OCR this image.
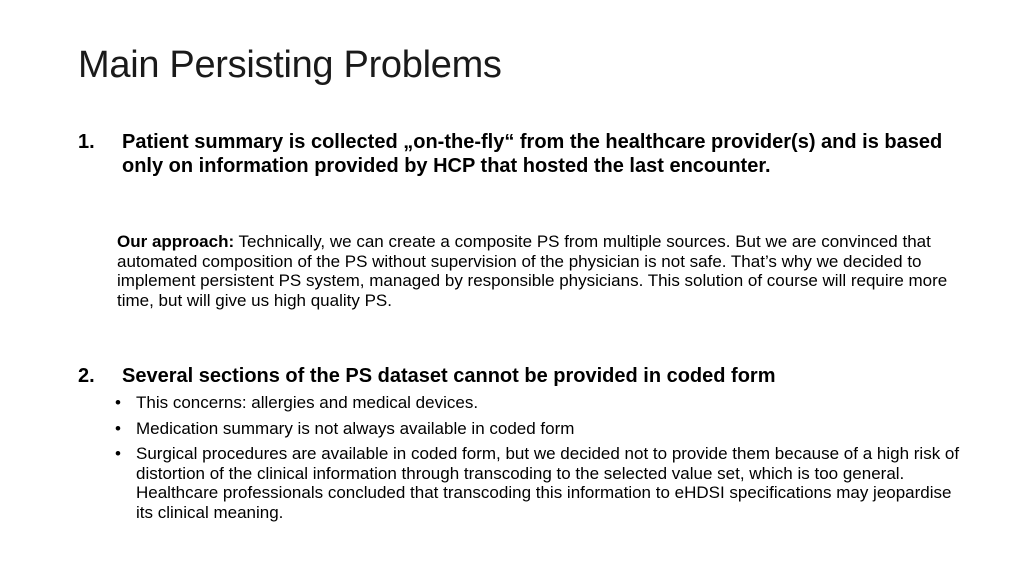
Main Persisting Problems
1. Patient summary is collected „on-the-fly“ from the healthcare provider(s) and is based only on information provided by HCP that hosted the last encounter.
Our approach: Technically, we can create a composite PS from multiple sources. But we are convinced that automated composition of the PS without supervision of the physician is not safe. That’s why we decided to implement persistent PS system, managed by responsible physicians. This solution of course will require more time, but will give us high quality PS.
2. Several sections of the PS dataset cannot be provided in coded form
• This concerns: allergies and medical devices.
• Medication summary is not always available in coded form
• Surgical procedures are available in coded form, but we decided not to provide them because of a high risk of distortion of the clinical information through transcoding to the selected value set, which is too general. Healthcare professionals concluded that transcoding this information to eHDSI specifications may jeopardise its clinical meaning.
